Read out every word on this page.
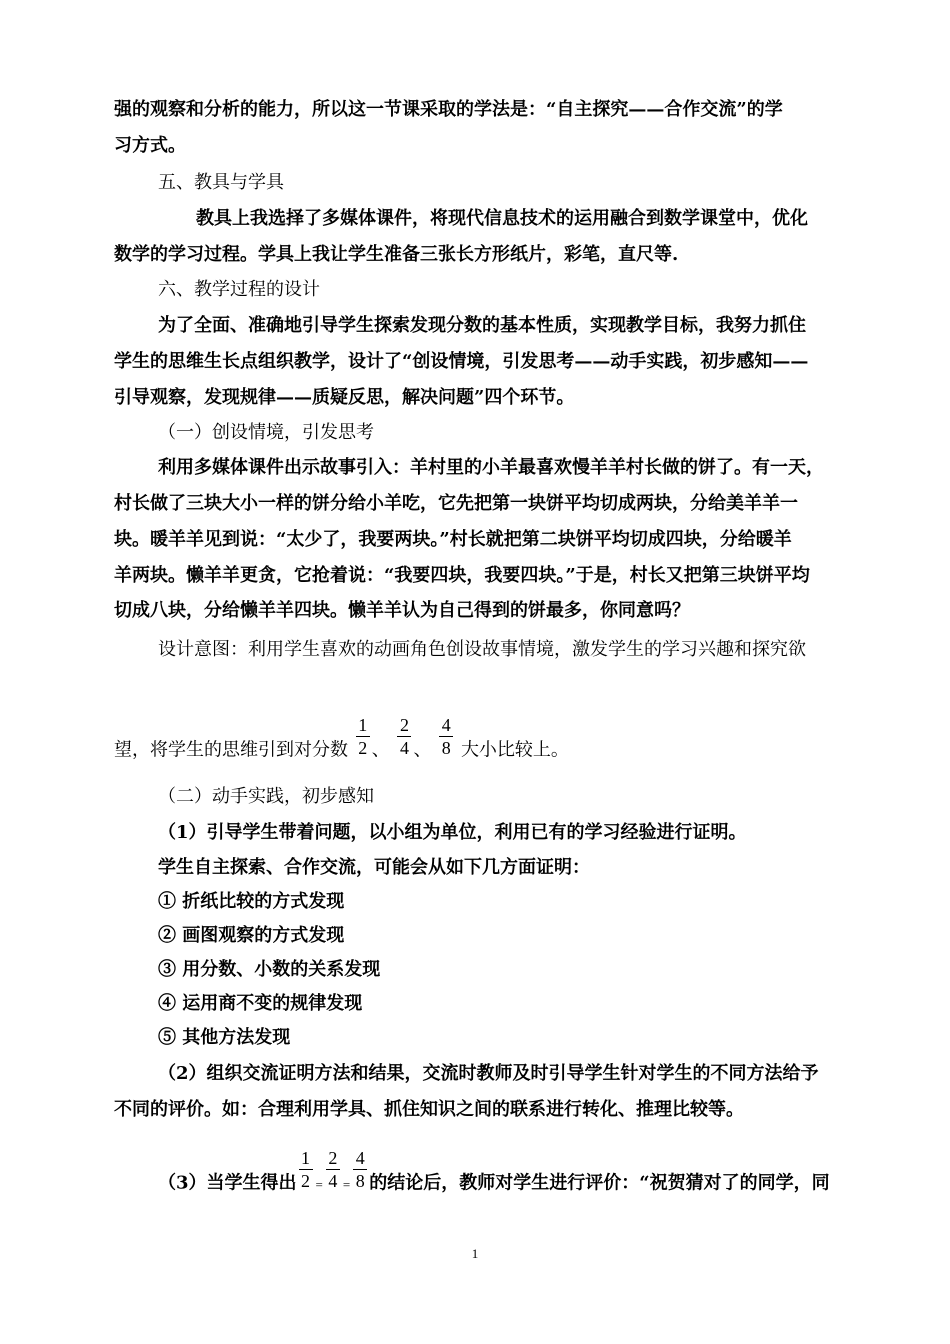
强的观察和分析的能力，所以这一节课采取的学法是：“自主探究——合作交流”的学
习方式。
五、教具与学具
教具上我选择了多媒体课件，将现代信息技术的运用融合到数学课堂中，优化
数学的学习过程。学具上我让学生准备三张长方形纸片，彩笔，直尺等.
六、教学过程的设计
为了全面、准确地引导学生探索发现分数的基本性质，实现教学目标，我努力抓住
学生的思维生长点组织教学，设计了“创设情境，引发思考——动手实践，初步感知——
引导观察，发现规律——质疑反思，解决问题”四个环节。
（一）创设情境，引发思考
利用多媒体课件出示故事引入：羊村里的小羊最喜欢慢羊羊村长做的饼了。有一天，
村长做了三块大小一样的饼分给小羊吃，它先把第一块饼平均切成两块，分给美羊羊一
块。暖羊羊见到说：“太少了，我要两块。”村长就把第二块饼平均切成四块，分给暖羊
羊两块。懒羊羊更贪，它抢着说：“我要四块，我要四块。”于是，村长又把第三块饼平均
切成八块，分给懒羊羊四块。懒羊羊认为自己得到的饼最多，你同意吗？
设计意图：利用学生喜欢的动画角色创设故事情境，激发学生的学习兴趣和探究欲
望，将学生的思维引到对分数 $\frac{1}{2}$ 、 $\frac{2}{4}$ 、 $\frac{4}{8}$ 大小比较上。
（二）动手实践，初步感知
（1）引导学生带着问题，以小组为单位，利用已有的学习经验进行证明。
学生自主探索、合作交流，可能会从如下几方面证明：
① 折纸比较的方式发现
② 画图观察的方式发现
③ 用分数、小数的关系发现
④ 运用商不变的规律发现
⑤ 其他方法发现
（2）组织交流证明方法和结果，交流时教师及时引导学生针对学生的不同方法给予
不同的评价。如：合理利用学具、抓住知识之间的联系进行转化、推理比较等。
（3）当学生得出 $\frac{1}{2} = \frac{2}{4} = \frac{4}{8}$ 的结论后，教师对学生进行评价：“祝贺猜对了的同学，同
1
